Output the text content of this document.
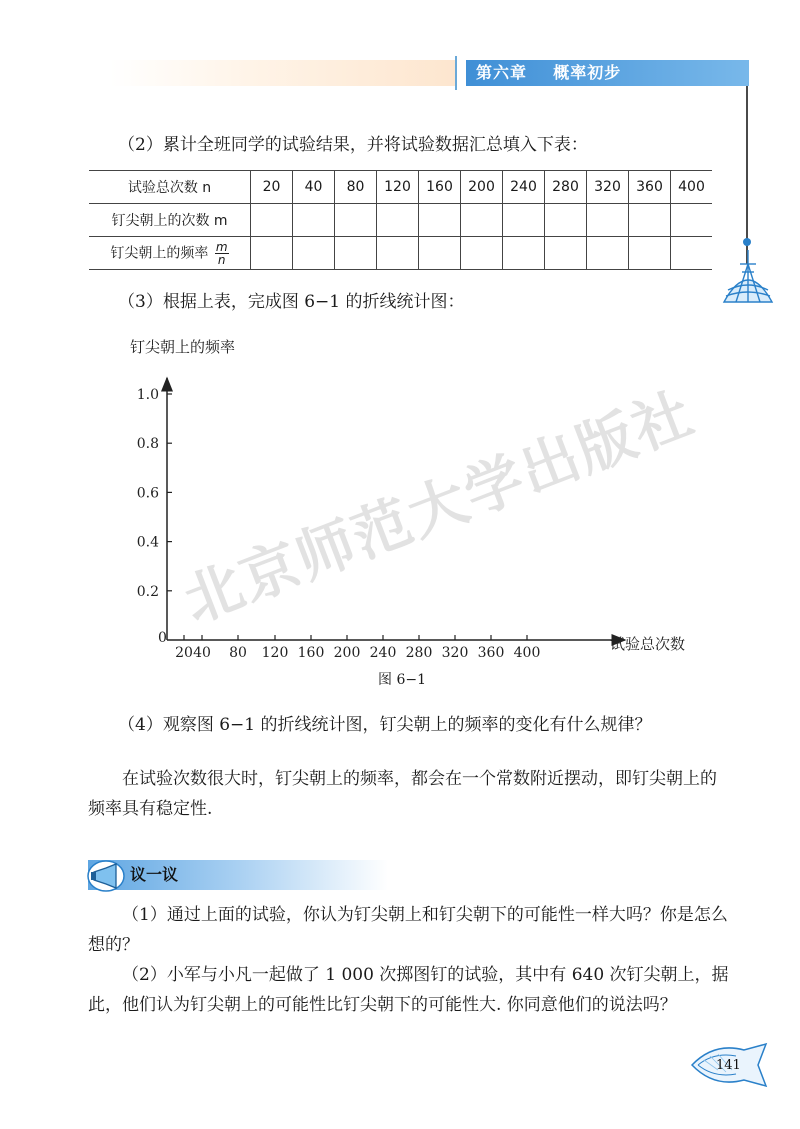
第六章    概率初步
（2）累计全班同学的试验结果，并将试验数据汇总填入下表：
试验总次数 n	20	40	80	120	160	200	240	280	320	360	400
钉尖朝上的次数 m											
钉尖朝上的频率 $\frac{m}{n}$

（3）根据上表，完成图 6−1 的折线统计图：
钉尖朝上的频率
0	试验总次数
0.2
0.4
0.6
0.8
1.0
20 40 80 120 160 200 240 280 320 360 400
图 6−1
（4）观察图 6−1 的折线统计图，钉尖朝上的频率的变化有什么规律？
在试验次数很大时，钉尖朝上的频率，都会在一个常数附近摆动，即钉尖朝上的频率具有稳定性.
议一议
（1）通过上面的试验，你认为钉尖朝上和钉尖朝下的可能性一样大吗？你是怎么想的？
（2）小军与小凡一起做了 1 000 次掷图钉的试验，其中有 640 次钉尖朝上，据此，他们认为钉尖朝上的可能性比钉尖朝下的可能性大. 你同意他们的说法吗？
141
北京师范大学出版社
